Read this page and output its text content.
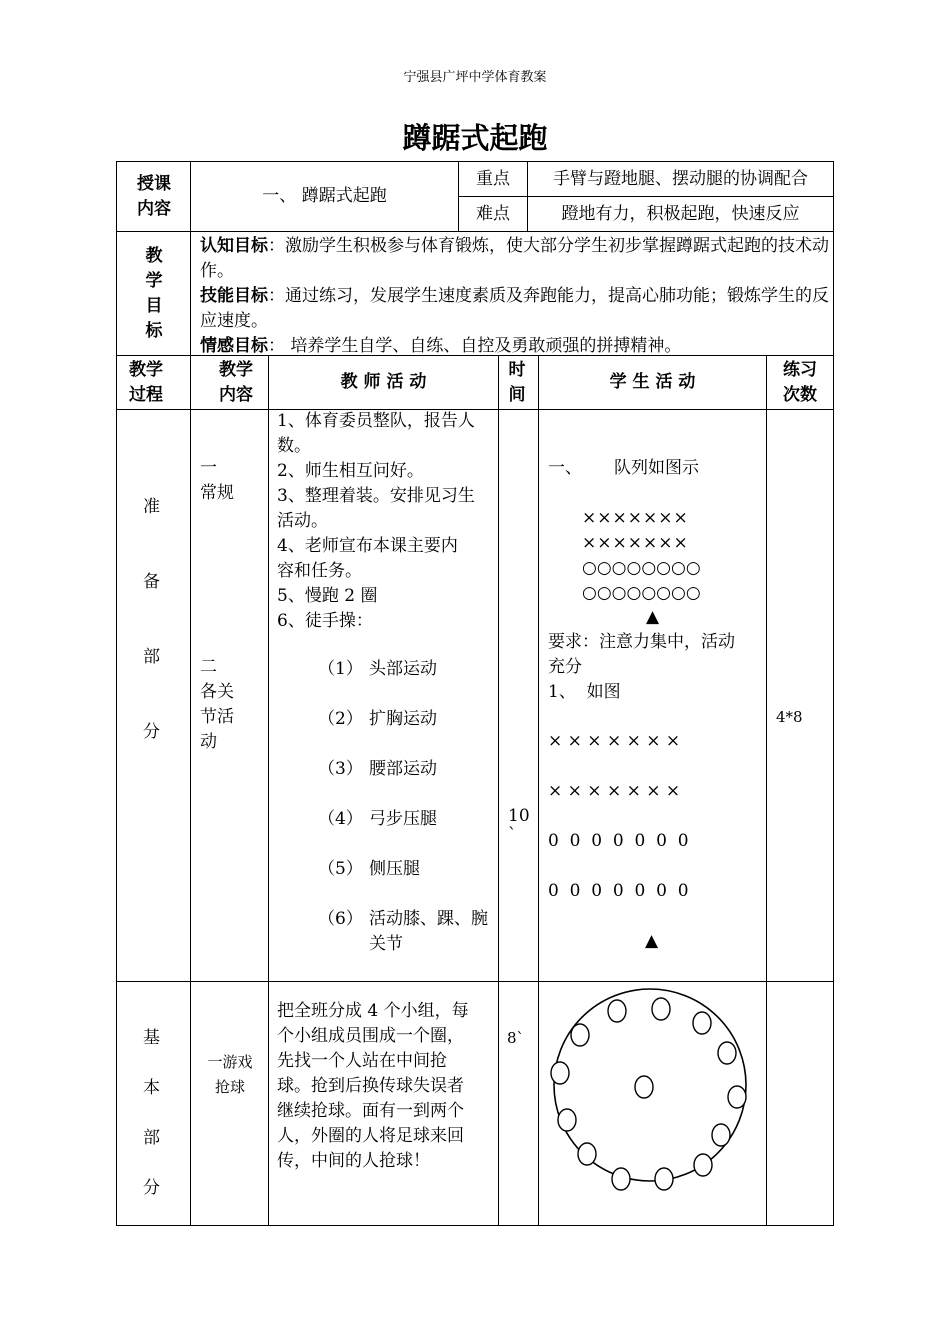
宁强县广坪中学体育教案
蹲踞式起跑
授课
内容
一、 蹲踞式起跑
重点	手臂与蹬地腿、摆动腿的协调配合
难点	蹬地有力，积极起跑，快速反应
教
学
目
标
认知目标：激励学生积极参与体育锻炼，使大部分学生初步掌握蹲踞式起跑的技术动作。
技能目标：通过练习，发展学生速度素质及奔跑能力，提高心肺功能；锻炼学生的反应速度。
情感目标： 培养学生自学、自练、自控及勇敢顽强的拼搏精神。
教学
过程
教学
内容
教 师 活 动
时
间
学 生 活 动
练习
次数
准
备
部
分
一
常规
二
各关
节活
动
1、体育委员整队，报告人
数。
2、师生相互问好。
3、整理着装。安排见习生
活动。
4、老师宣布本课主要内
容和任务。
5、慢跑 2 圈
6、徒手操：
（1） 头部运动
（2） 扩胸运动
（3） 腰部运动
（4） 弓步压腿
（5） 侧压腿
（6） 活动膝、踝、腕
关节
10
`
一、 队列如图示
×××××××
×××××××
○○○○○○○○
○○○○○○○○
▲
要求：注意力集中，活动
充分
1、  如图
× × × × × × ×
× × × × × × ×
0  0  0  0  0  0  0
0  0  0  0  0  0  0
▲
4*8
基
本
部
分
一游戏
抢球
把全班分成 4 个小组，每
个小组成员围成一个圈，
先找一个人站在中间抢
球。抢到后换传球失误者
继续抢球。面有一到两个
人，外圈的人将足球来回
传，中间的人抢球！
8`
